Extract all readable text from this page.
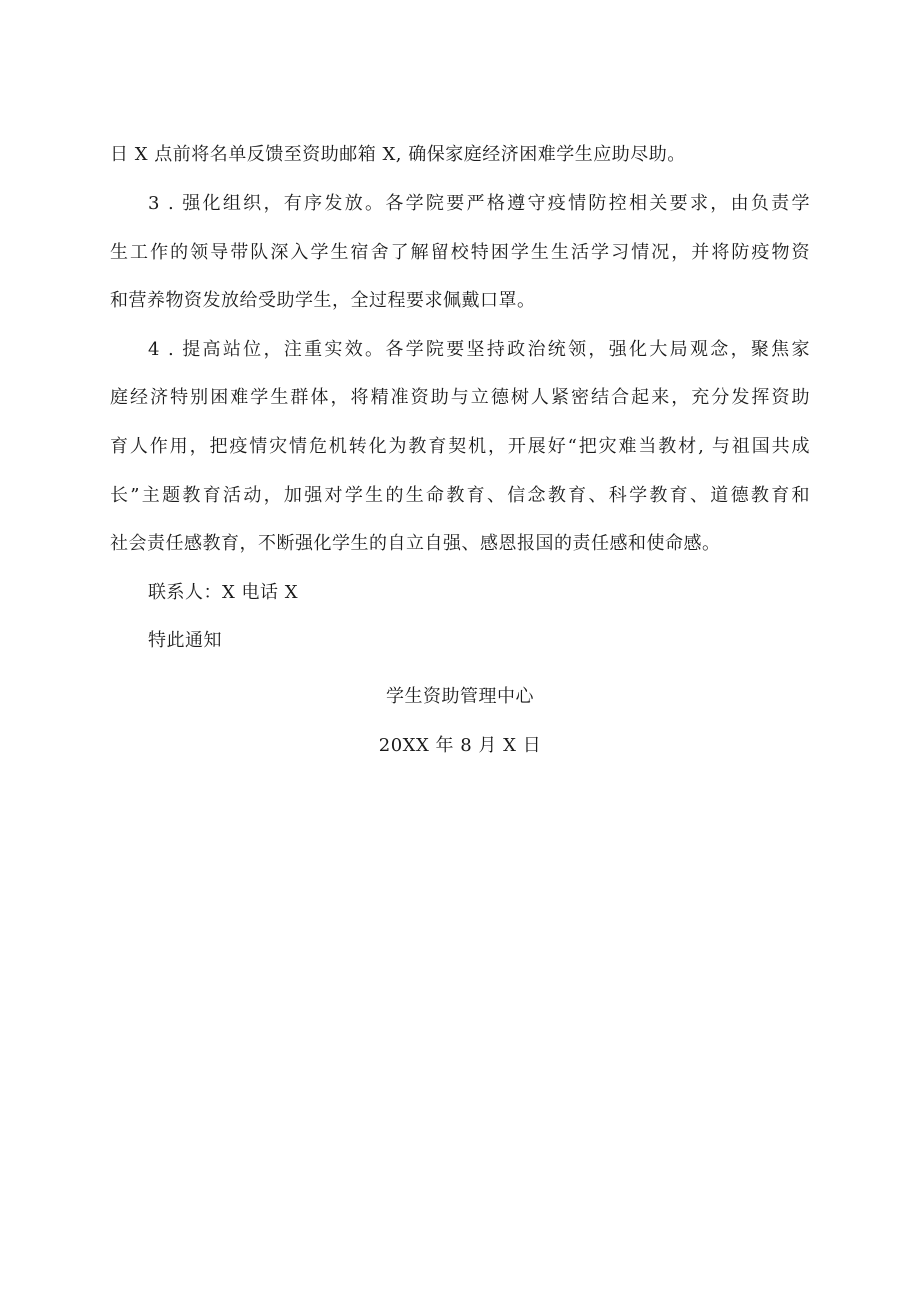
日 X 点前将名单反馈至资助邮箱 X, 确保家庭经济困难学生应助尽助。
3 . 强化组织，有序发放。各学院要严格遵守疫情防控相关要求，由负责学
生工作的领导带队深入学生宿舍了解留校特困学生生活学习情况，并将防疫物资
和营养物资发放给受助学生，全过程要求佩戴口罩。
4 . 提高站位，注重实效。各学院要坚持政治统领，强化大局观念，聚焦家
庭经济特别困难学生群体，将精准资助与立德树人紧密结合起来，充分发挥资助
育人作用，把疫情灾情危机转化为教育契机，开展好“把灾难当教材, 与祖国共成
长”主题教育活动，加强对学生的生命教育、信念教育、科学教育、道德教育和
社会责任感教育，不断强化学生的自立自强、感恩报国的责任感和使命感。
联系人：X 电话 X
特此通知
学生资助管理中心
20XX 年 8 月 X 日
